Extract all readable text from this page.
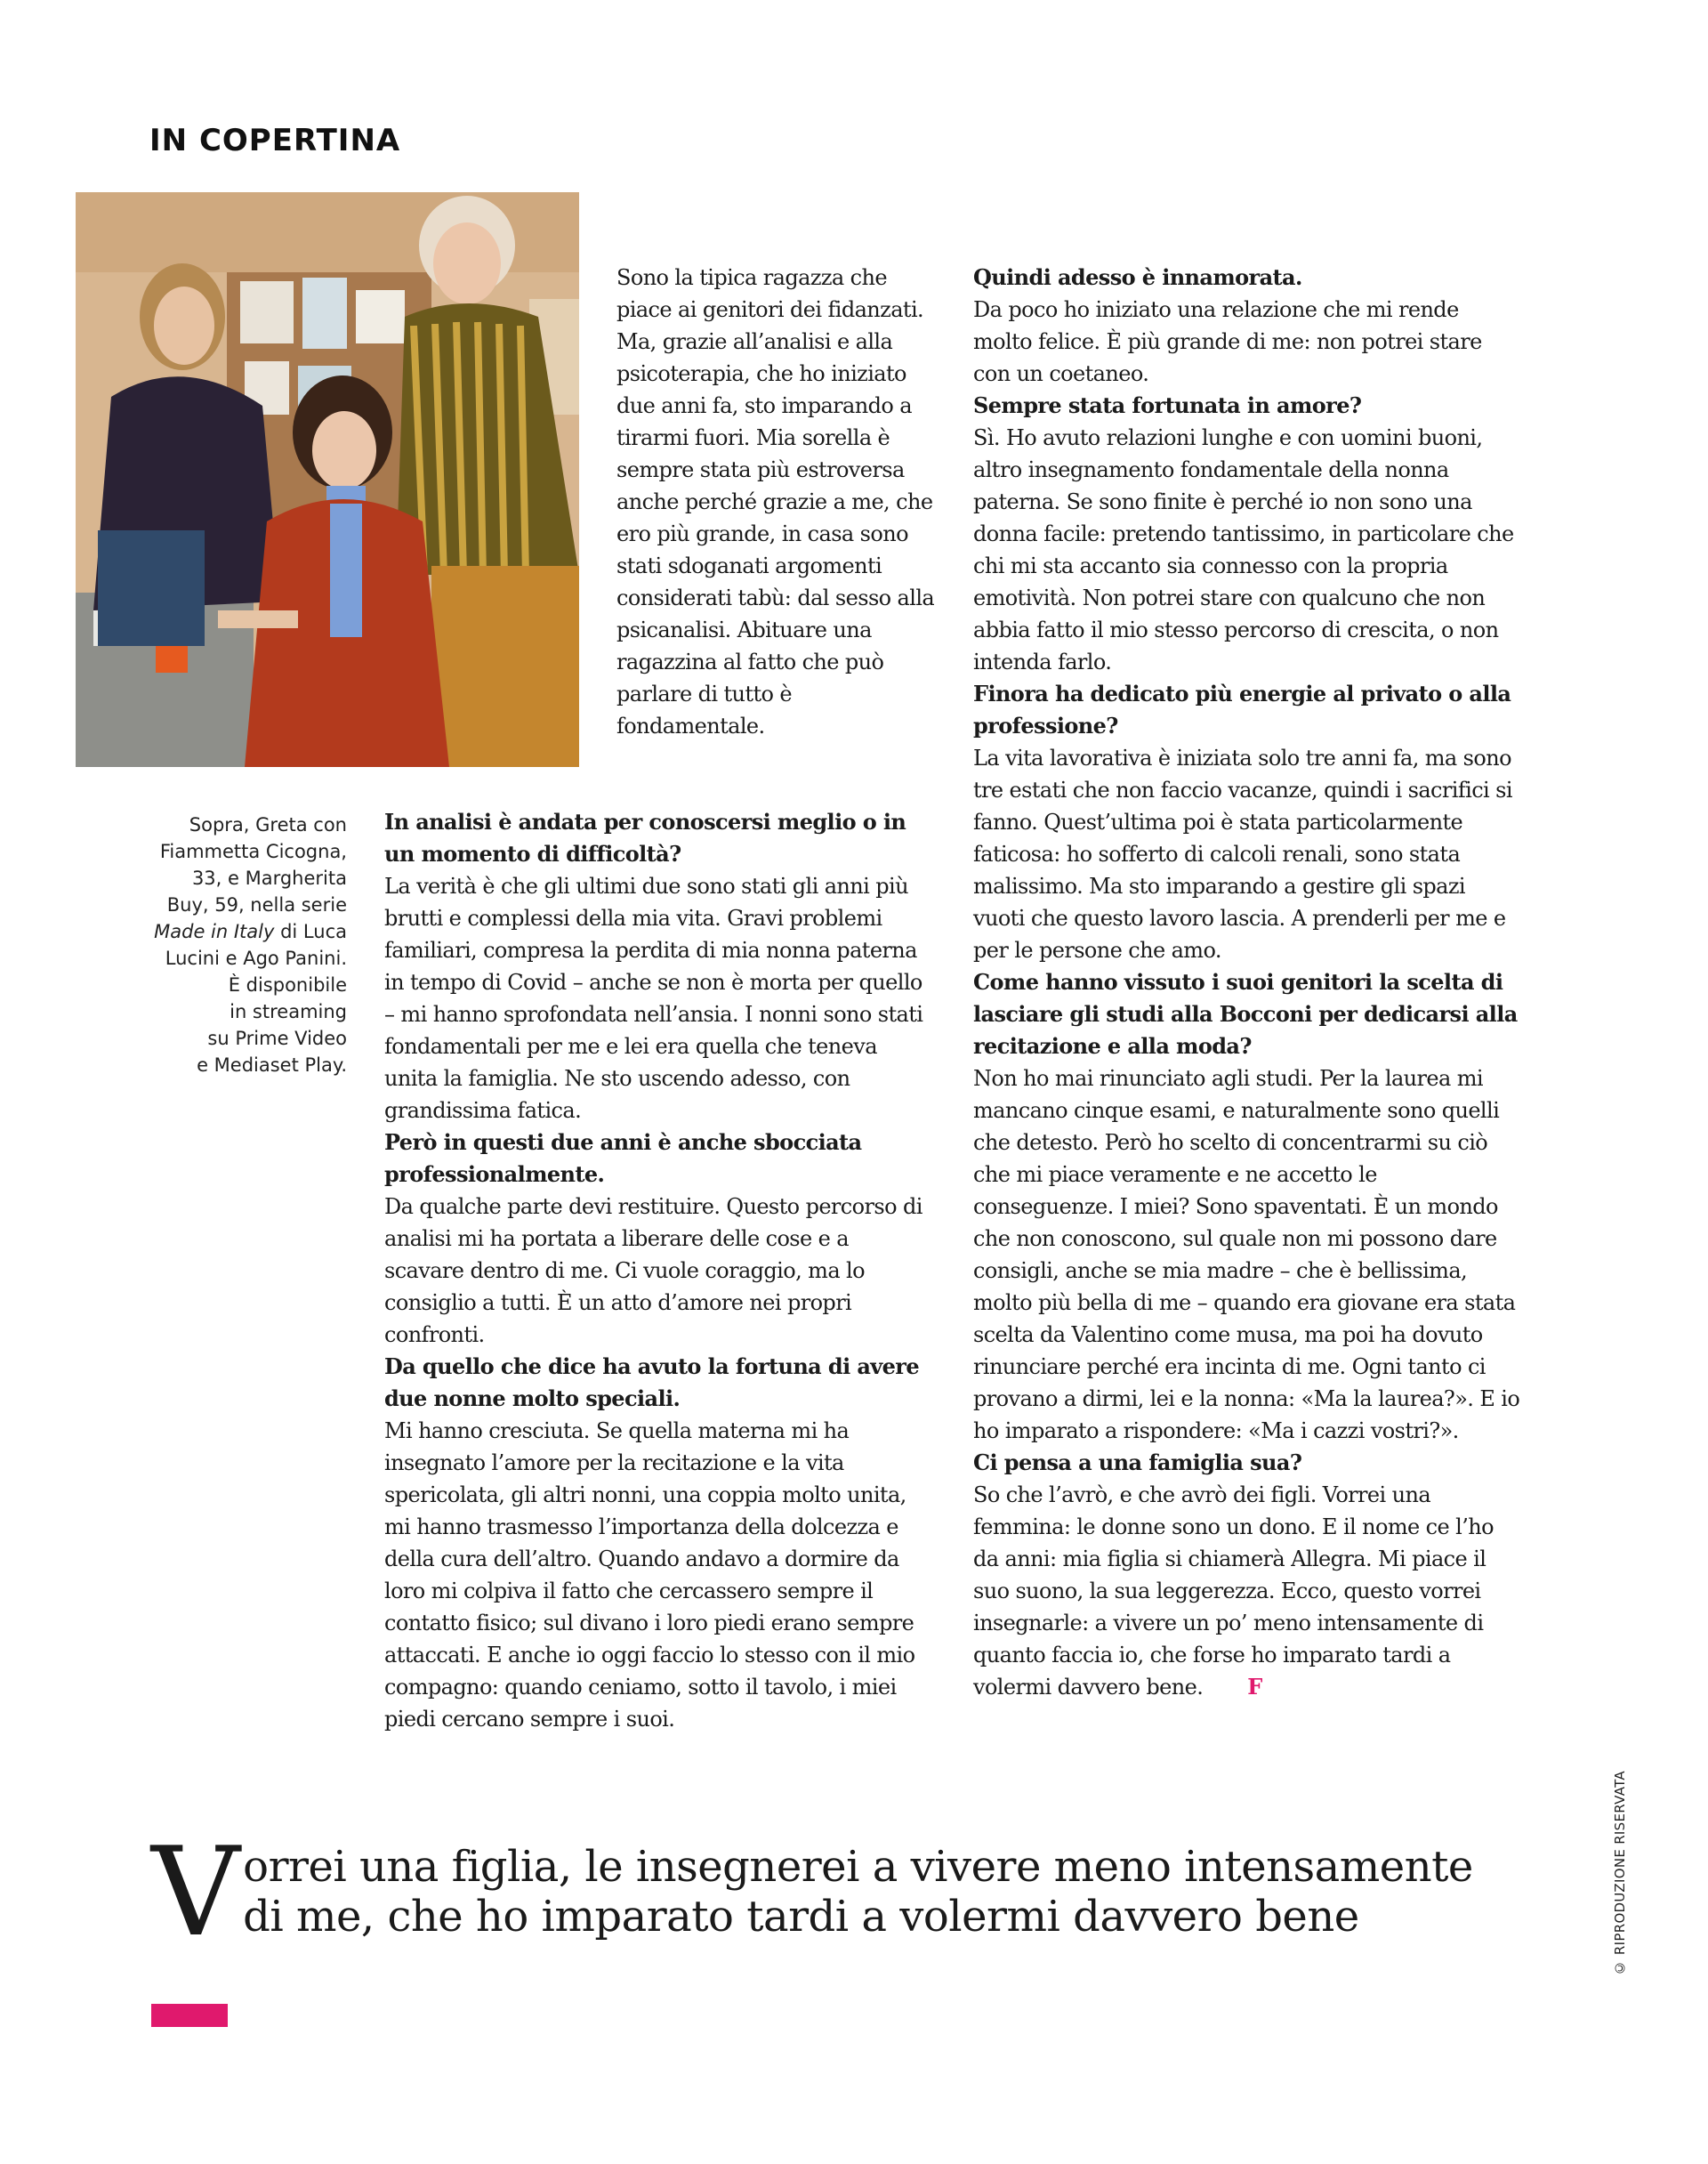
IN COPERTINA

Sopra, Greta con

Fiammetta Cicogna,

33, e Margherita

Buy, 59, nella serie

Made in Italy di Luca

Lucini e Ago Panini.

È disponibile

in streaming

su Prime Video

e Mediaset Play.

Sono la tipica ragazza che piace ai genitori dei fidanzati. Ma, grazie all’analisi e alla psicoterapia, che ho iniziato due anni fa, sto imparando a tirarmi fuori. Mia sorella è sempre stata più estroversa anche perché grazie a me, che ero più grande, in casa sono stati sdoganati argomenti considerati tabù: dal sesso alla psicanalisi. Abituare una ragazzina al fatto che può parlare di tutto è fondamentale.

In analisi è andata per conoscersi meglio o in un momento di difficoltà?

La verità è che gli ultimi due sono stati gli anni più brutti e complessi della mia vita. Gravi problemi familiari, compresa la perdita di mia nonna paterna in tempo di Covid – anche se non è morta per quello – mi hanno sprofondata nell’ansia. I nonni sono stati fondamentali per me e lei era quella che teneva unita la famiglia. Ne sto uscendo adesso, con grandissima fatica.

Però in questi due anni è anche sbocciata professionalmente.

Da qualche parte devi restituire. Questo percorso di analisi mi ha portata a liberare delle cose e a scavare dentro di me. Ci vuole coraggio, ma lo consiglio a tutti. È un atto d’amore nei propri confronti.

Da quello che dice ha avuto la fortuna di avere due nonne molto speciali.

Mi hanno cresciuta. Se quella materna mi ha insegnato l’amore per la recitazione e la vita spericolata, gli altri nonni, una coppia molto unita, mi hanno trasmesso l’importanza della dolcezza e della cura dell’altro. Quando andavo a dormire da loro mi colpiva il fatto che cercassero sempre il contatto fisico; sul divano i loro piedi erano sempre attaccati. E anche io oggi faccio lo stesso con il mio compagno: quando ceniamo, sotto il tavolo, i miei piedi cercano sempre i suoi.

Quindi adesso è innamorata.

Da poco ho iniziato una relazione che mi rende molto felice. È più grande di me: non potrei stare con un coetaneo.

Sempre stata fortunata in amore?

Sì. Ho avuto relazioni lunghe e con uomini buoni, altro insegnamento fondamentale della nonna paterna. Se sono finite è perché io non sono una donna facile: pretendo tantissimo, in particolare che chi mi sta accanto sia connesso con la propria emotività. Non potrei stare con qualcuno che non abbia fatto il mio stesso percorso di crescita, o non intenda farlo.

Finora ha dedicato più energie al privato o alla professione?

La vita lavorativa è iniziata solo tre anni fa, ma sono tre estati che non faccio vacanze, quindi i sacrifici si fanno. Quest’ultima poi è stata particolarmente faticosa: ho sofferto di calcoli renali, sono stata malissimo. Ma sto imparando a gestire gli spazi vuoti che questo lavoro lascia. A prenderli per me e per le persone che amo.

Come hanno vissuto i suoi genitori la scelta di lasciare gli studi alla Bocconi per dedicarsi alla recitazione e alla moda?

Non ho mai rinunciato agli studi. Per la laurea mi mancano cinque esami, e naturalmente sono quelli che detesto. Però ho scelto di concentrarmi su ciò che mi piace veramente e ne accetto le conseguenze. I miei? Sono spaventati. È un mondo che non conoscono, sul quale non mi possono dare consigli, anche se mia madre – che è bellissima, molto più bella di me – quando era giovane era stata scelta da Valentino come musa, ma poi ha dovuto rinunciare perché era incinta di me. Ogni tanto ci provano a dirmi, lei e la nonna: «Ma la laurea?». E io ho imparato a rispondere: «Ma i cazzi vostri?».

Ci pensa a una famiglia sua?

So che l’avrò, e che avrò dei figli. Vorrei una femmina: le donne sono un dono. E il nome ce l’ho da anni: mia figlia si chiamerà Allegra. Mi piace il suo suono, la sua leggerezza. Ecco, questo vorrei insegnarle: a vivere un po’ meno intensamente di quanto faccia io, che forse ho imparato tardi a volermi davvero bene. F

© RIPRODUZIONE RISERVATA
V orrei una figlia, le insegnerei a vivere meno intensamente
di me, che ho imparato tardi a volermi davvero bene
